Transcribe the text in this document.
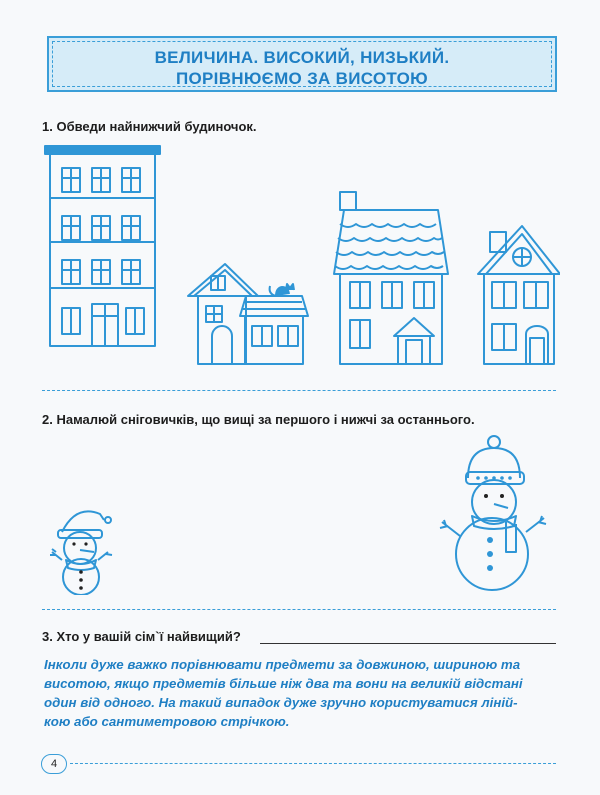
ВЕЛИЧИНА. ВИСОКИЙ, НИЗЬКИЙ.
ПОРІВНЮЄМО ЗА ВИСОТОЮ
1. Обведи найнижчий будиночок.
2. Намалюй сніговичків, що вищі за першого і нижчі за останнього.
3. Хто у вашій сім`ї найвищий?
Інколи дуже важко порівнювати предмети за довжиною, шириною та
висотою, якщо предметів більше ніж два та вони на великій відстані
один від одного. На такий випадок дуже зручно користуватися ліній-
кою або сантиметровою стрічкою.
4
